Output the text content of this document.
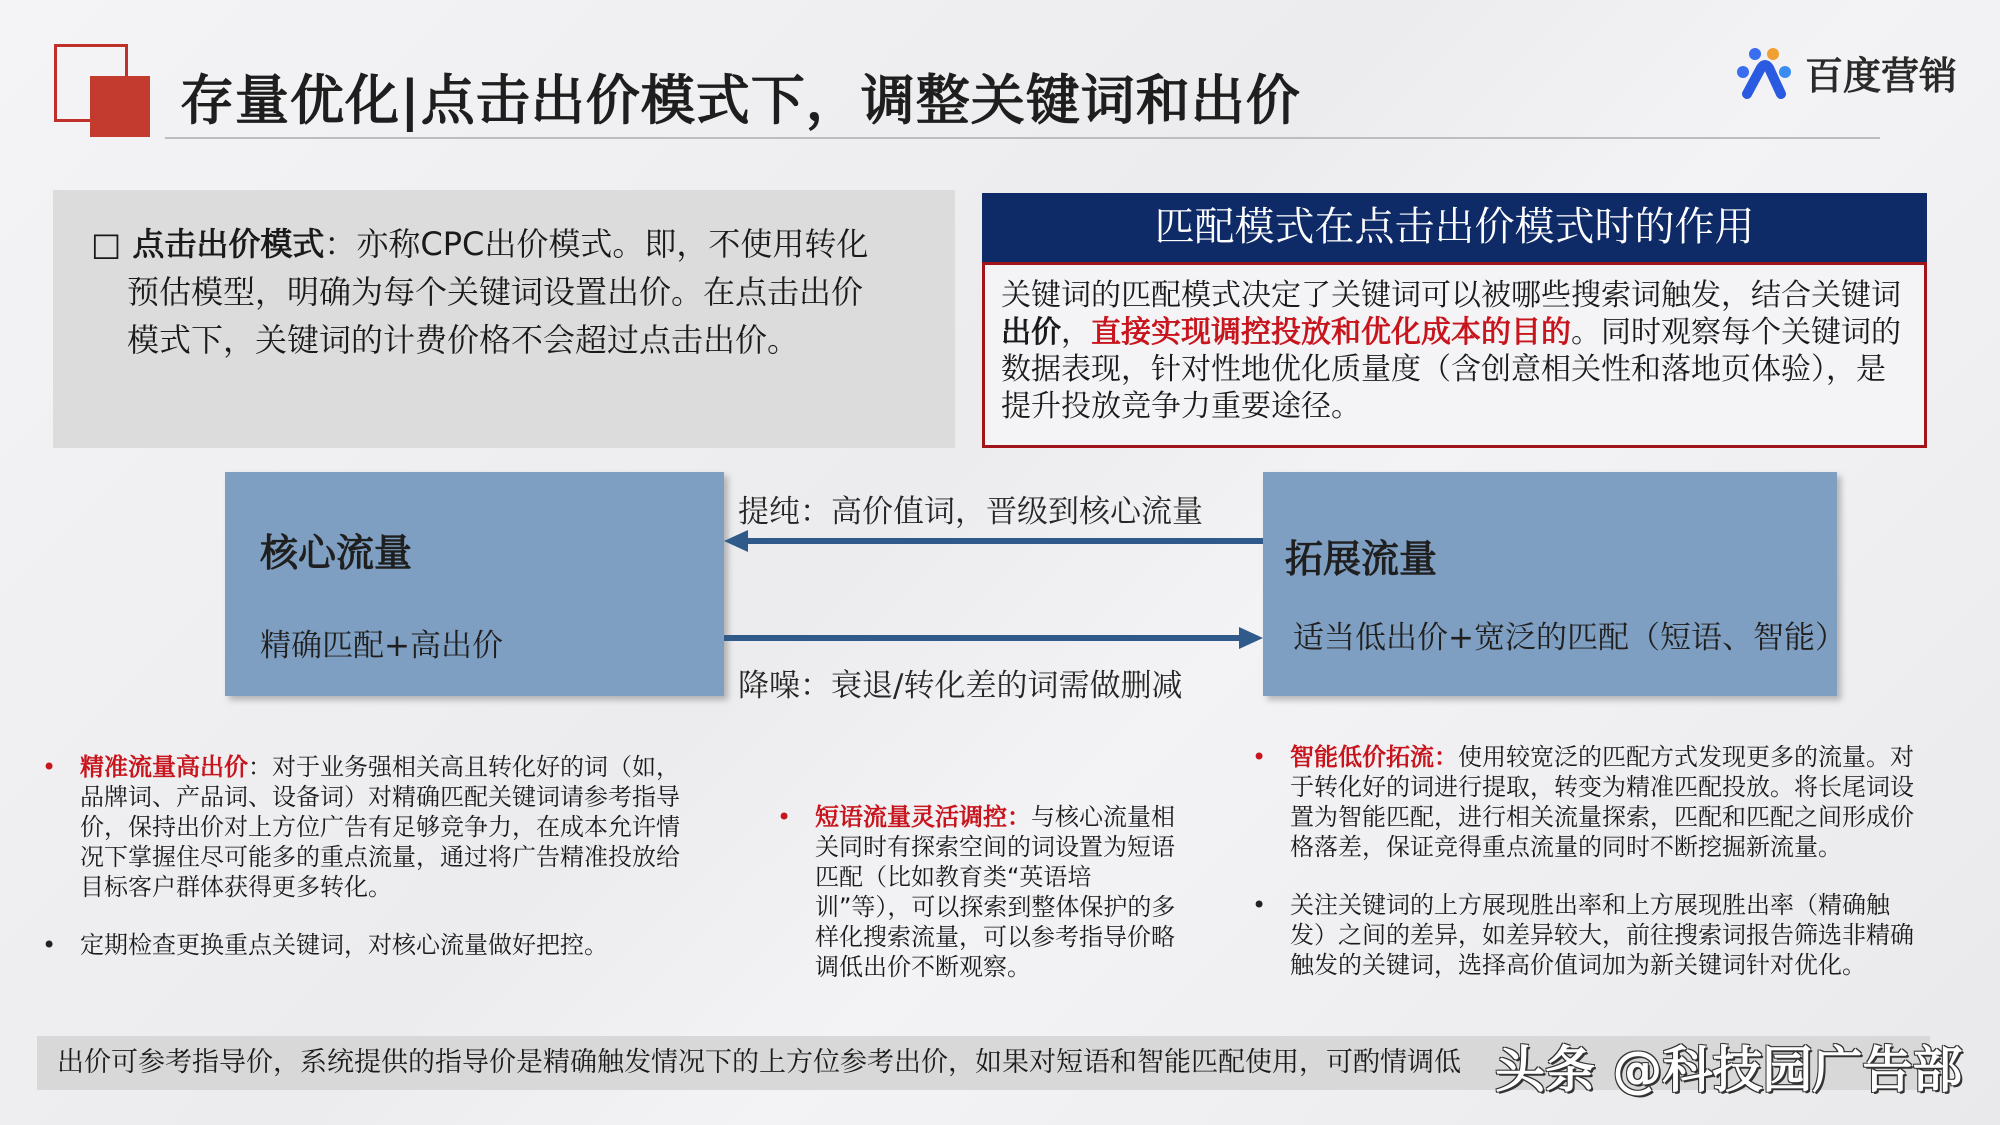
存量优化|点击出价模式下，调整关键词和出价	百度营销
□ 点击出价模式：亦称CPC出价模式。即，不使用转化
预估模型，明确为每个关键词设置出价。在点击出价
模式下，关键词的计费价格不会超过点击出价。
匹配模式在点击出价模式时的作用
关键词的匹配模式决定了关键词可以被哪些搜索词触发，结合关键词出价，直接实现调控投放和优化成本的目的。同时观察每个关键词的数据表现，针对性地优化质量度（含创意相关性和落地页体验），是提升投放竞争力重要途径。
核心流量
精确匹配+高出价
拓展流量
适当低出价+宽泛的匹配（短语、智能）
提纯：高价值词，晋级到核心流量
降噪：衰退/转化差的词需做删减
• 精准流量高出价：对于业务强相关高且转化好的词（如，品牌词、产品词、设备词）对精确匹配关键词请参考指导价，保持出价对上方位广告有足够竞争力，在成本允许情况下掌握住尽可能多的重点流量，通过将广告精准投放给目标客户群体获得更多转化。
• 定期检查更换重点关键词，对核心流量做好把控。
• 短语流量灵活调控：与核心流量相关同时有探索空间的词设置为短语匹配（比如教育类“英语培训”等），可以探索到整体保护的多样化搜索流量，可以参考指导价略调低出价不断观察。
• 智能低价拓流：使用较宽泛的匹配方式发现更多的流量。对于转化好的词进行提取，转变为精准匹配投放。将长尾词设置为智能匹配，进行相关流量探索，匹配和匹配之间形成价格落差，保证竞得重点流量的同时不断挖掘新流量。
• 关注关键词的上方展现胜出率和上方展现胜出率（精确触发）之间的差异，如差异较大，前往搜索词报告筛选非精确触发的关键词，选择高价值词加为新关键词针对优化。
出价可参考指导价，系统提供的指导价是精确触发情况下的上方位参考出价，如果对短语和智能匹配使用，可酌情调低 头条 @科技园广告部
